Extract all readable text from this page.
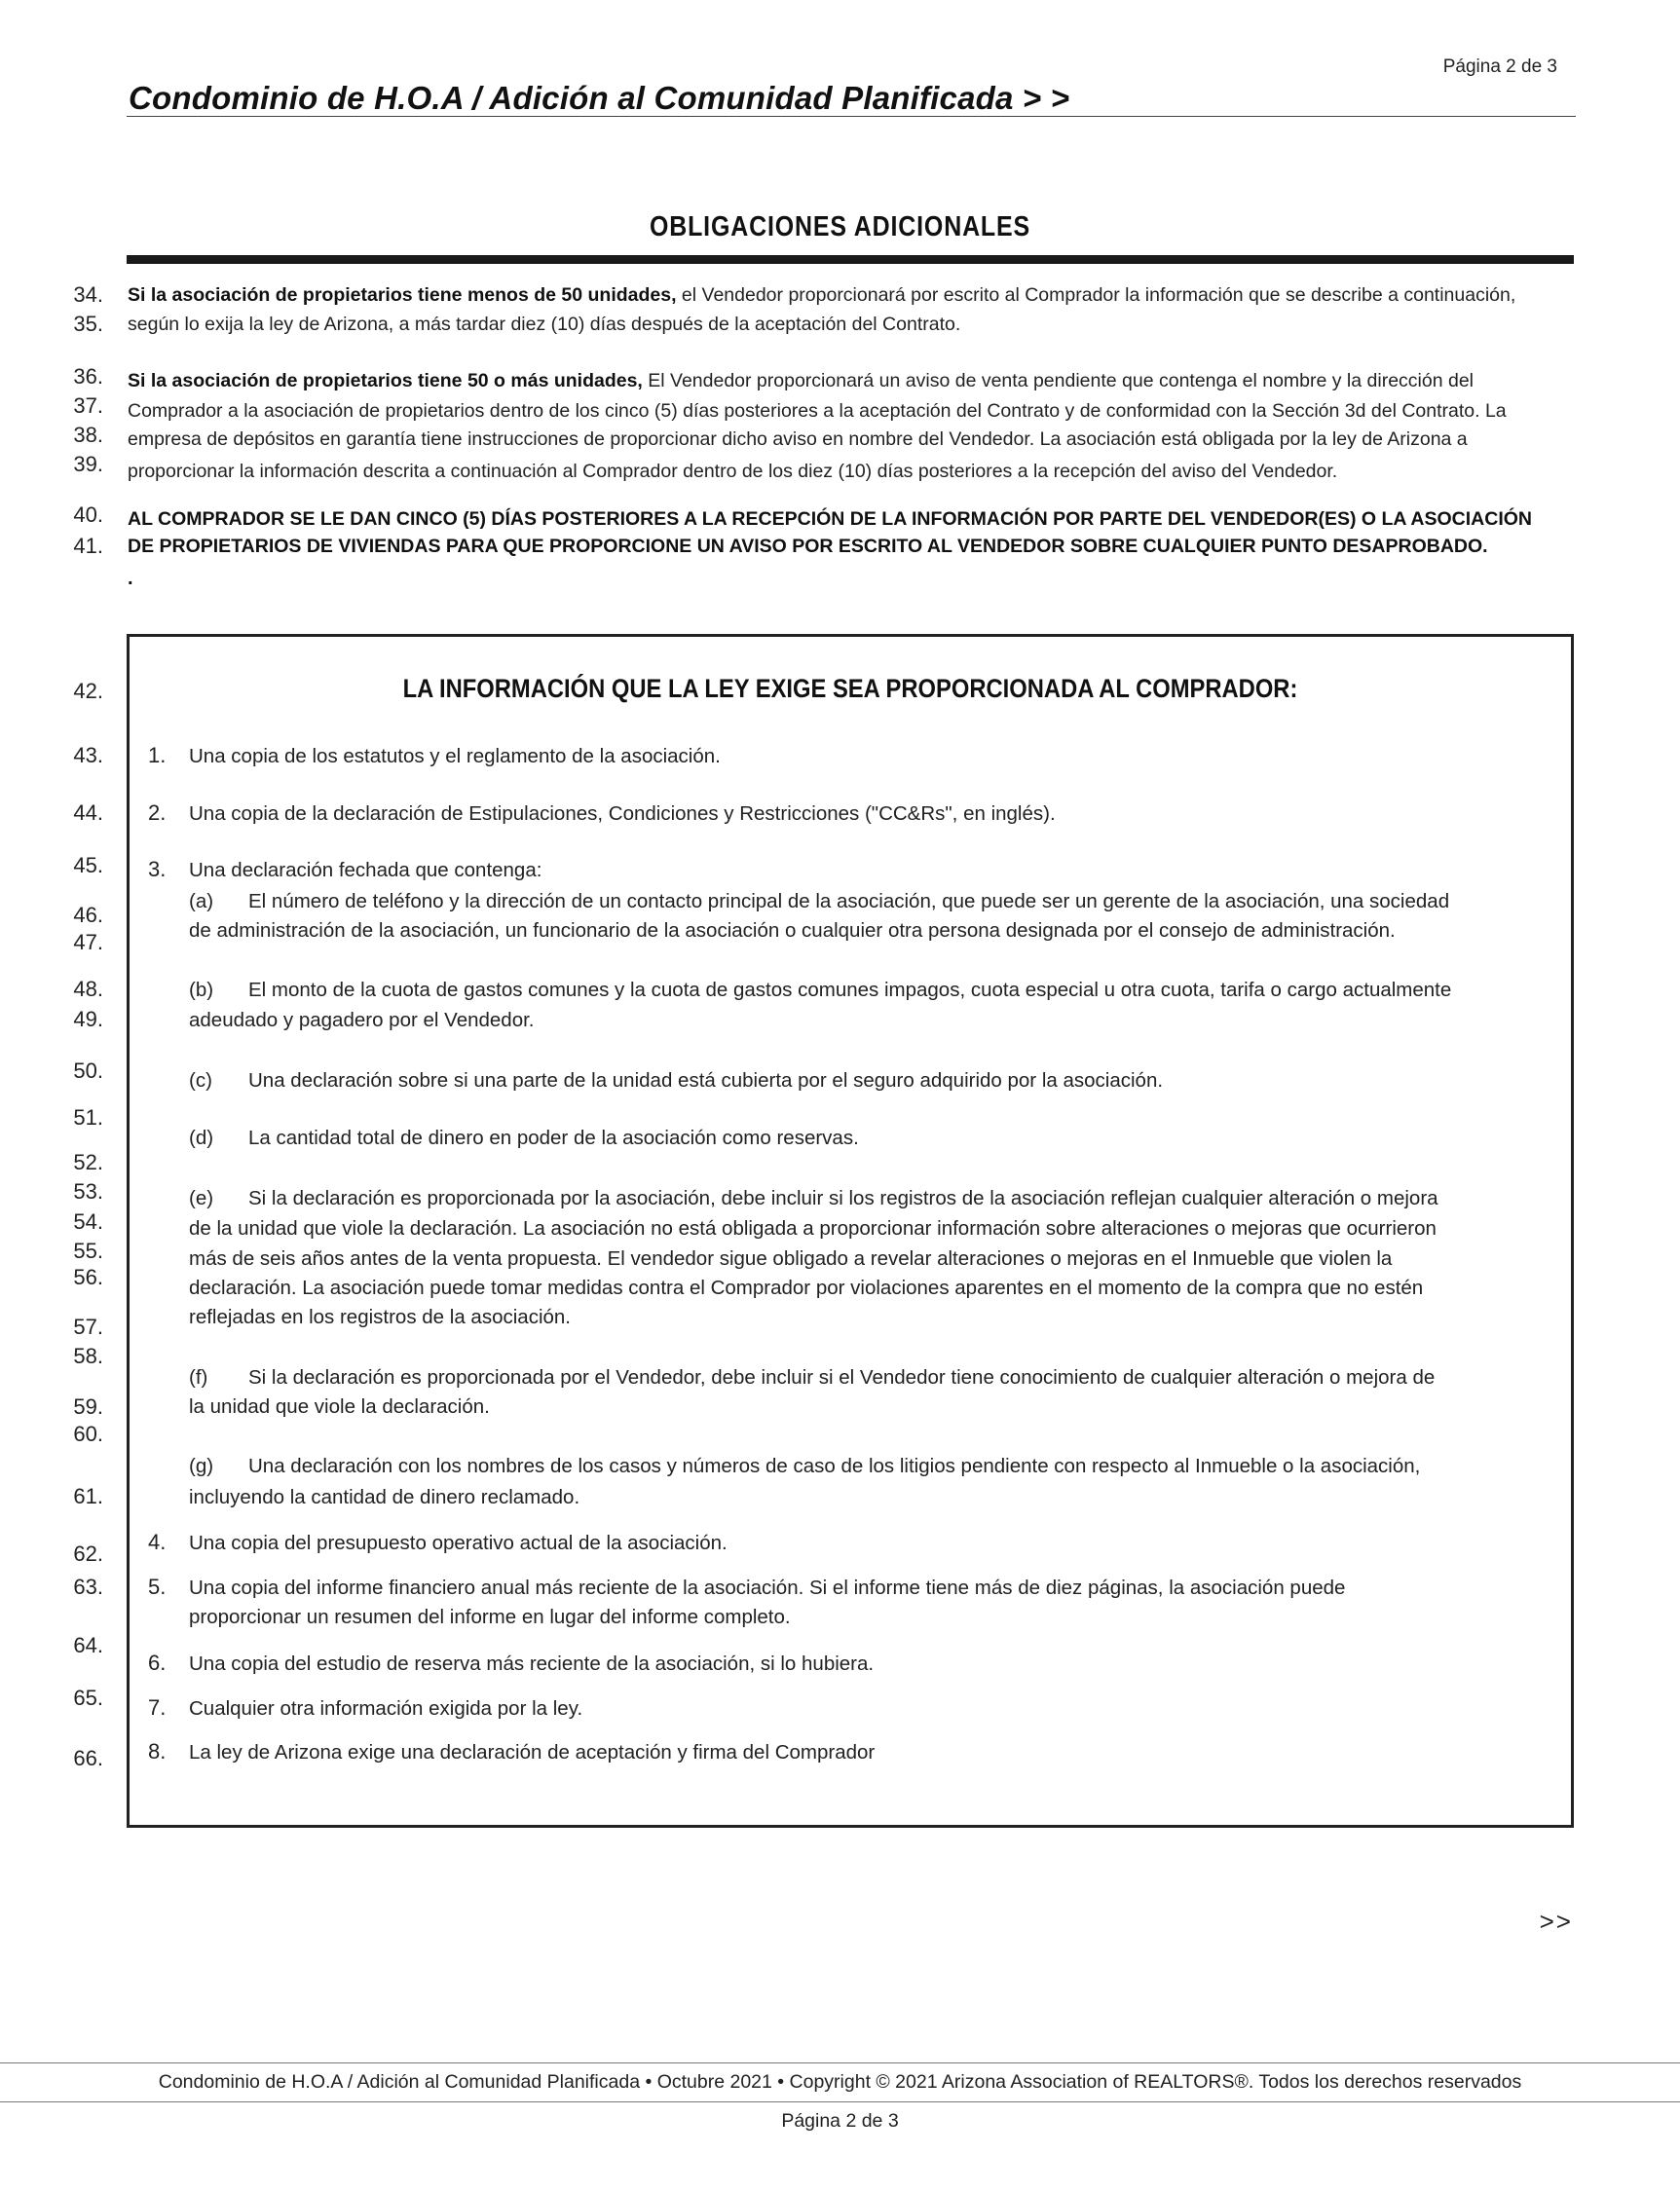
Página 2 de 3
Condominio de H.O.A / Adición al Comunidad Planificada > >
OBLIGACIONES ADICIONALES
34.
35.
Si la asociación de propietarios tiene menos de 50 unidades, el Vendedor proporcionará por escrito al Comprador la información que se describe a continuación,
según lo exija la ley de Arizona, a más tardar diez (10) días después de la aceptación del Contrato.
36.
37.
38.
39.
Si la asociación de propietarios tiene 50 o más unidades, El Vendedor proporcionará un aviso de venta pendiente que contenga el nombre y la dirección del
Comprador a la asociación de propietarios dentro de los cinco (5) días posteriores a la aceptación del Contrato y de conformidad con la Sección 3d del Contrato. La
empresa de depósitos en garantía tiene instrucciones de proporcionar dicho aviso en nombre del Vendedor. La asociación está obligada por la ley de Arizona a
proporcionar la información descrita a continuación al Comprador dentro de los diez (10) días posteriores a la recepción del aviso del Vendedor.
40.
41.
AL COMPRADOR SE LE DAN CINCO (5) DÍAS POSTERIORES A LA RECEPCIÓN DE LA INFORMACIÓN POR PARTE DEL VENDEDOR(ES) O LA ASOCIACIÓN
DE PROPIETARIOS DE VIVIENDAS PARA QUE PROPORCIONE UN AVISO POR ESCRITO AL VENDEDOR SOBRE CUALQUIER PUNTO DESAPROBADO.
.
42.	LA INFORMACIÓN QUE LA LEY EXIGE SEA PROPORCIONADA AL COMPRADOR:
43. 1. Una copia de los estatutos y el reglamento de la asociación.
44. 2. Una copia de la declaración de Estipulaciones, Condiciones y Restricciones ("CC&Rs", en inglés).
45. 3. Una declaración fechada que contenga:
(a) El número de teléfono y la dirección de un contacto principal de la asociación, que puede ser un gerente de la asociación, una sociedad
de administración de la asociación, un funcionario de la asociación o cualquier otra persona designada por el consejo de administración.
(b) El monto de la cuota de gastos comunes y la cuota de gastos comunes impagos, cuota especial u otra cuota, tarifa o cargo actualmente
adeudado y pagadero por el Vendedor.
(c) Una declaración sobre si una parte de la unidad está cubierta por el seguro adquirido por la asociación.
(d) La cantidad total de dinero en poder de la asociación como reservas.
(e) Si la declaración es proporcionada por la asociación, debe incluir si los registros de la asociación reflejan cualquier alteración o mejora
de la unidad que viole la declaración. La asociación no está obligada a proporcionar información sobre alteraciones o mejoras que ocurrieron
más de seis años antes de la venta propuesta. El vendedor sigue obligado a revelar alteraciones o mejoras en el Inmueble que violen la
declaración. La asociación puede tomar medidas contra el Comprador por violaciones aparentes en el momento de la compra que no estén
reflejadas en los registros de la asociación.
(f) Si la declaración es proporcionada por el Vendedor, debe incluir si el Vendedor tiene conocimiento de cualquier alteración o mejora de
la unidad que viole la declaración.
(g) Una declaración con los nombres de los casos y números de caso de los litigios pendiente con respecto al Inmueble o la asociación,
incluyendo la cantidad de dinero reclamado.
46.
47.
48.
49.
50.
51.
52.
53.
54.
55.
56.
57.
58.
59.
60.
61.
62. 4. Una copia del presupuesto operativo actual de la asociación.
63. 5. Una copia del informe financiero anual más reciente de la asociación. Si el informe tiene más de diez páginas, la asociación puede
proporcionar un resumen del informe en lugar del informe completo.
64.
6. Una copia del estudio de reserva más reciente de la asociación, si lo hubiera.
65. 7. Cualquier otra información exigida por la ley.
66. 8. La ley de Arizona exige una declaración de aceptación y firma del Comprador
>>
Condominio de H.O.A / Adición al Comunidad Planificada • Octubre 2021 • Copyright © 2021 Arizona Association of REALTORS®. Todos los derechos reservados
Página 2 de 3
